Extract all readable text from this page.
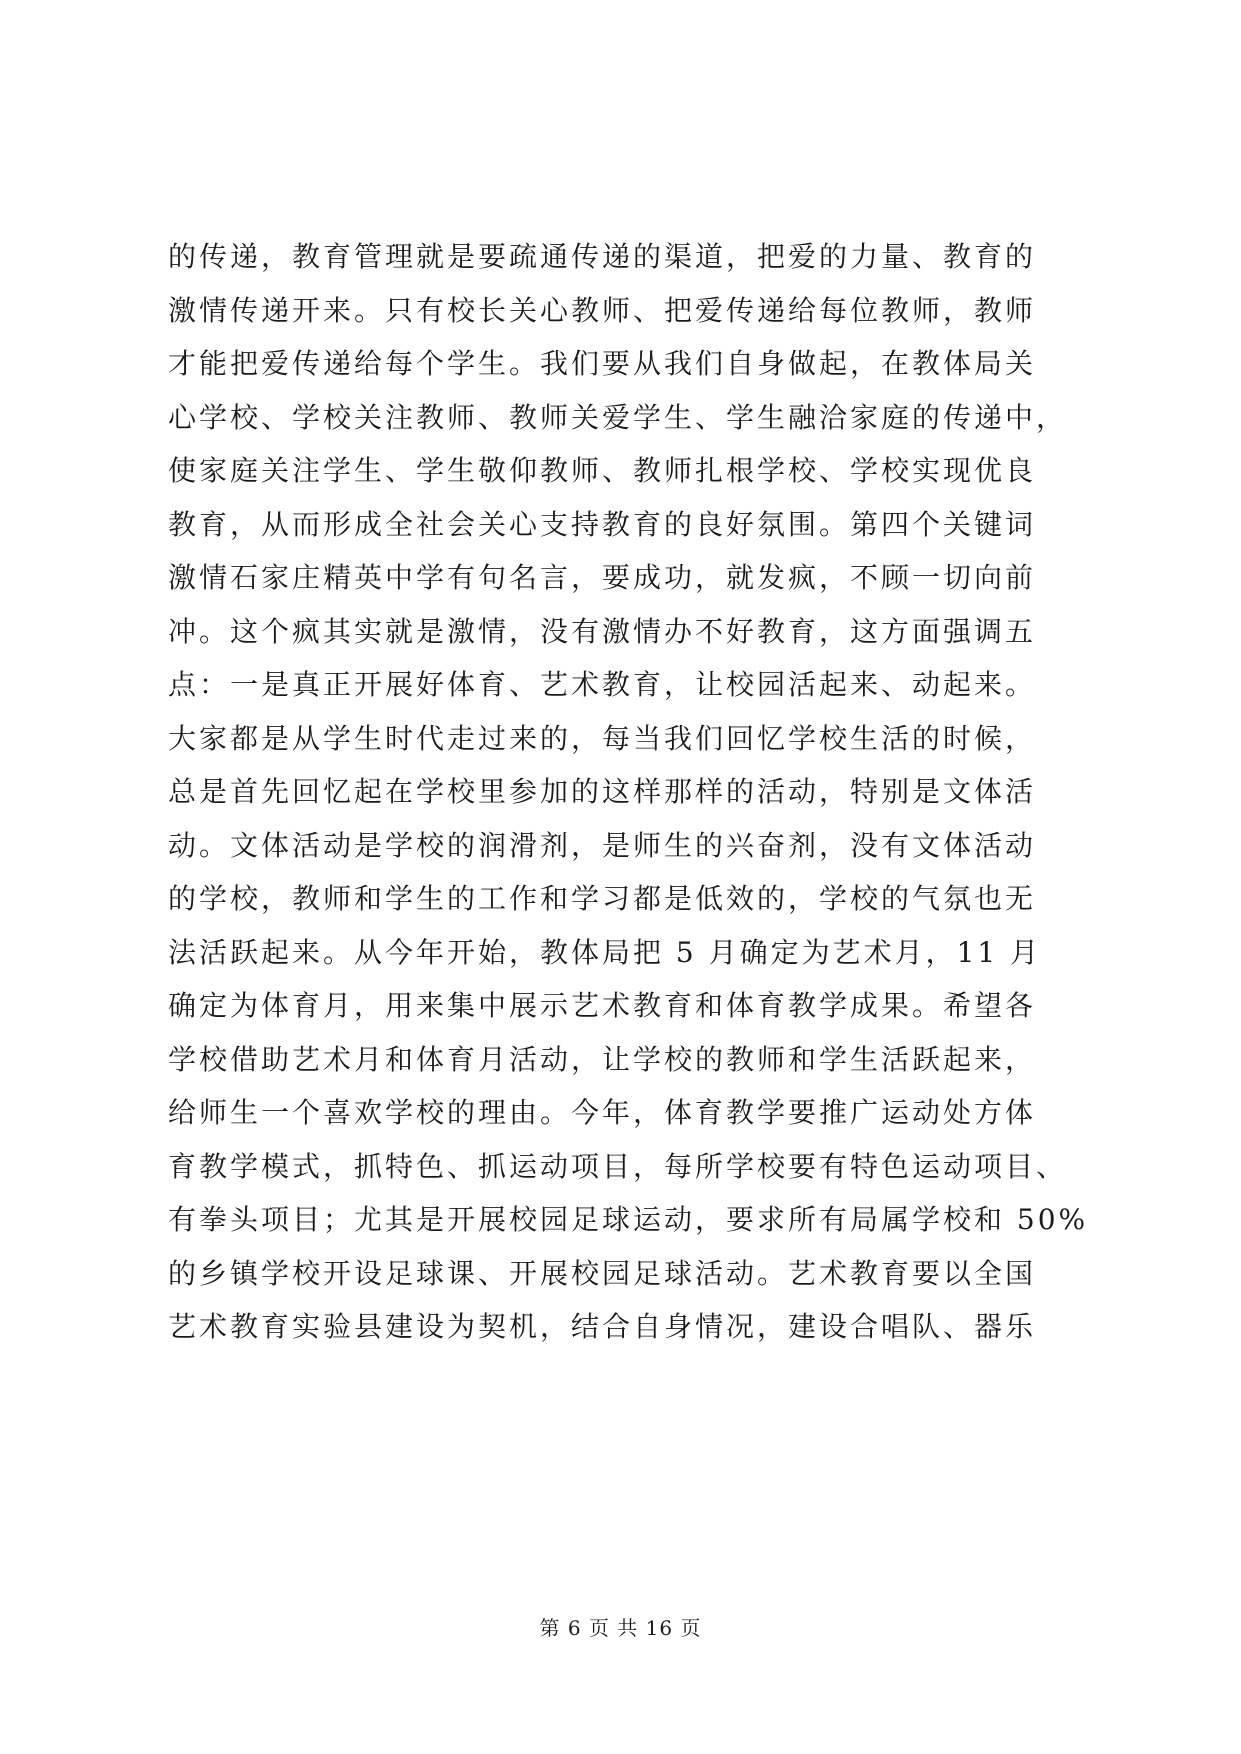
的传递，教育管理就是要疏通传递的渠道，把爱的力量、教育的
激情传递开来。只有校长关心教师、把爱传递给每位教师，教师
才能把爱传递给每个学生。我们要从我们自身做起，在教体局关
心学校、学校关注教师、教师关爱学生、学生融洽家庭的传递中，
使家庭关注学生、学生敬仰教师、教师扎根学校、学校实现优良
教育，从而形成全社会关心支持教育的良好氛围。第四个关键词
激情石家庄精英中学有句名言，要成功，就发疯，不顾一切向前
冲。这个疯其实就是激情，没有激情办不好教育，这方面强调五
点：一是真正开展好体育、艺术教育，让校园活起来、动起来。
大家都是从学生时代走过来的，每当我们回忆学校生活的时候，
总是首先回忆起在学校里参加的这样那样的活动，特别是文体活
动。文体活动是学校的润滑剂，是师生的兴奋剂，没有文体活动
的学校，教师和学生的工作和学习都是低效的，学校的气氛也无
法活跃起来。从今年开始，教体局把 5 月确定为艺术月，11 月
确定为体育月，用来集中展示艺术教育和体育教学成果。希望各
学校借助艺术月和体育月活动，让学校的教师和学生活跃起来，
给师生一个喜欢学校的理由。今年，体育教学要推广运动处方体
育教学模式，抓特色、抓运动项目，每所学校要有特色运动项目、
有拳头项目；尤其是开展校园足球运动，要求所有局属学校和 50%
的乡镇学校开设足球课、开展校园足球活动。艺术教育要以全国
艺术教育实验县建设为契机，结合自身情况，建设合唱队、器乐
第 6 页 共 16 页
